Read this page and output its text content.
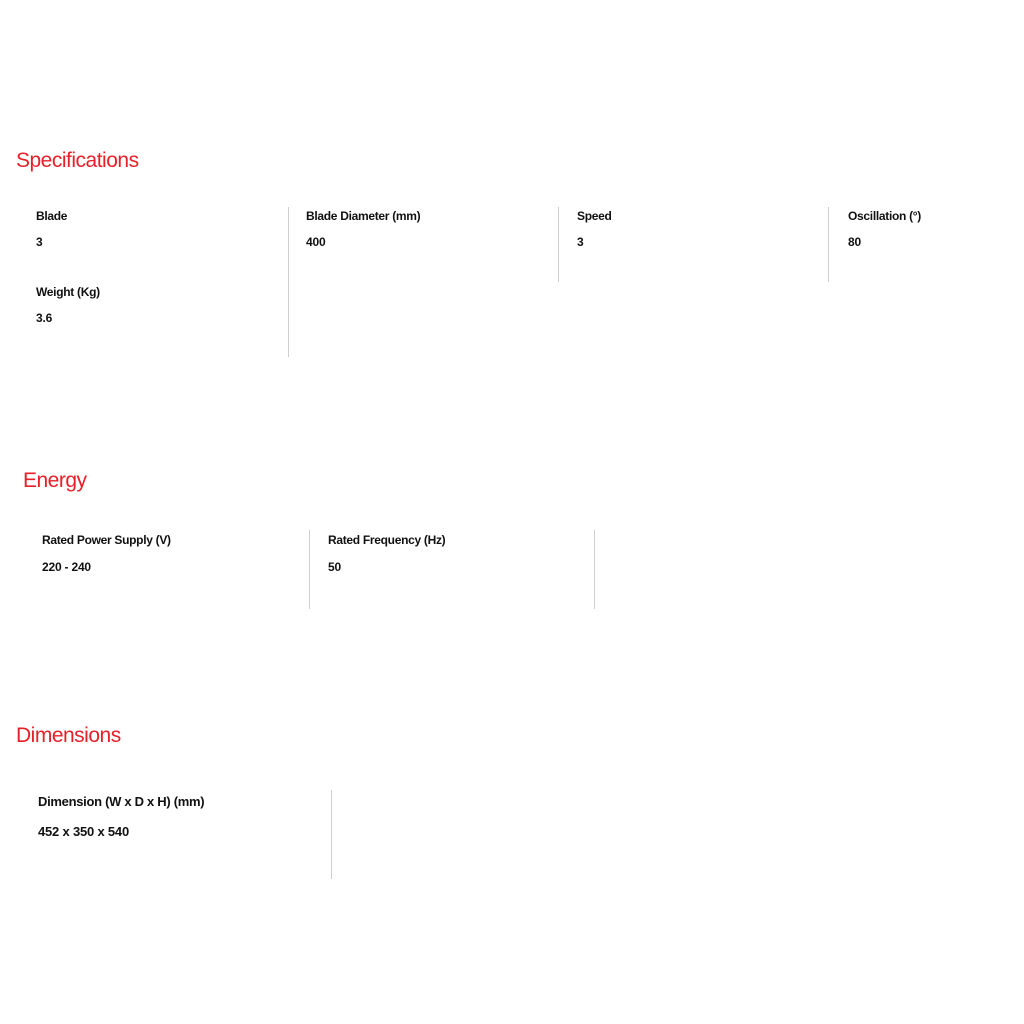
Specifications
Blade
3
Blade Diameter (mm)
400
Speed
3
Oscillation (°)
80
Weight (Kg)
3.6
Energy
Rated Power Supply (V)
220 - 240
Rated Frequency (Hz)
50
Dimensions
Dimension (W x D x H) (mm)
452 x 350 x 540
